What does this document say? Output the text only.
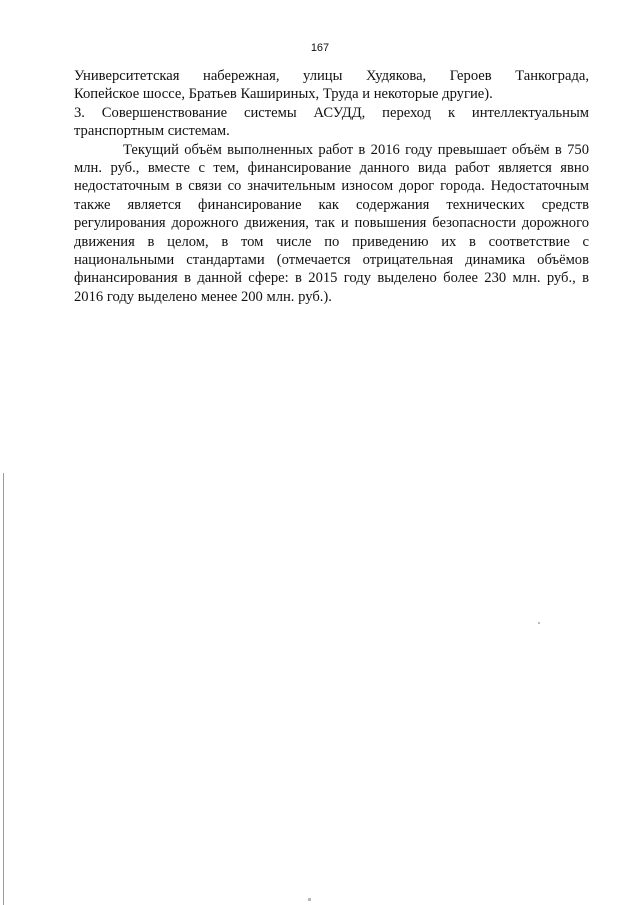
167
Университетская набережная, улицы Худякова, Героев Танкограда,
Копейское шоссе, Братьев Кашириных, Труда и некоторые другие).
3. Совершенствование системы АСУДД, переход к интеллектуальным
транспортным системам.
Текущий объём выполненных работ в 2016 году превышает объём в 750
млн. руб., вместе с тем, финансирование данного вида работ является явно
недостаточным в связи со значительным износом дорог города. Недостаточным
также является финансирование как содержания технических средств
регулирования дорожного движения, так и повышения безопасности дорожного
движения в целом, в том числе по приведению их в соответствие с
национальными стандартами (отмечается отрицательная динамика объёмов
финансирования в данной сфере: в 2015 году выделено более 230 млн. руб., в
2016 году выделено менее 200 млн. руб.).
